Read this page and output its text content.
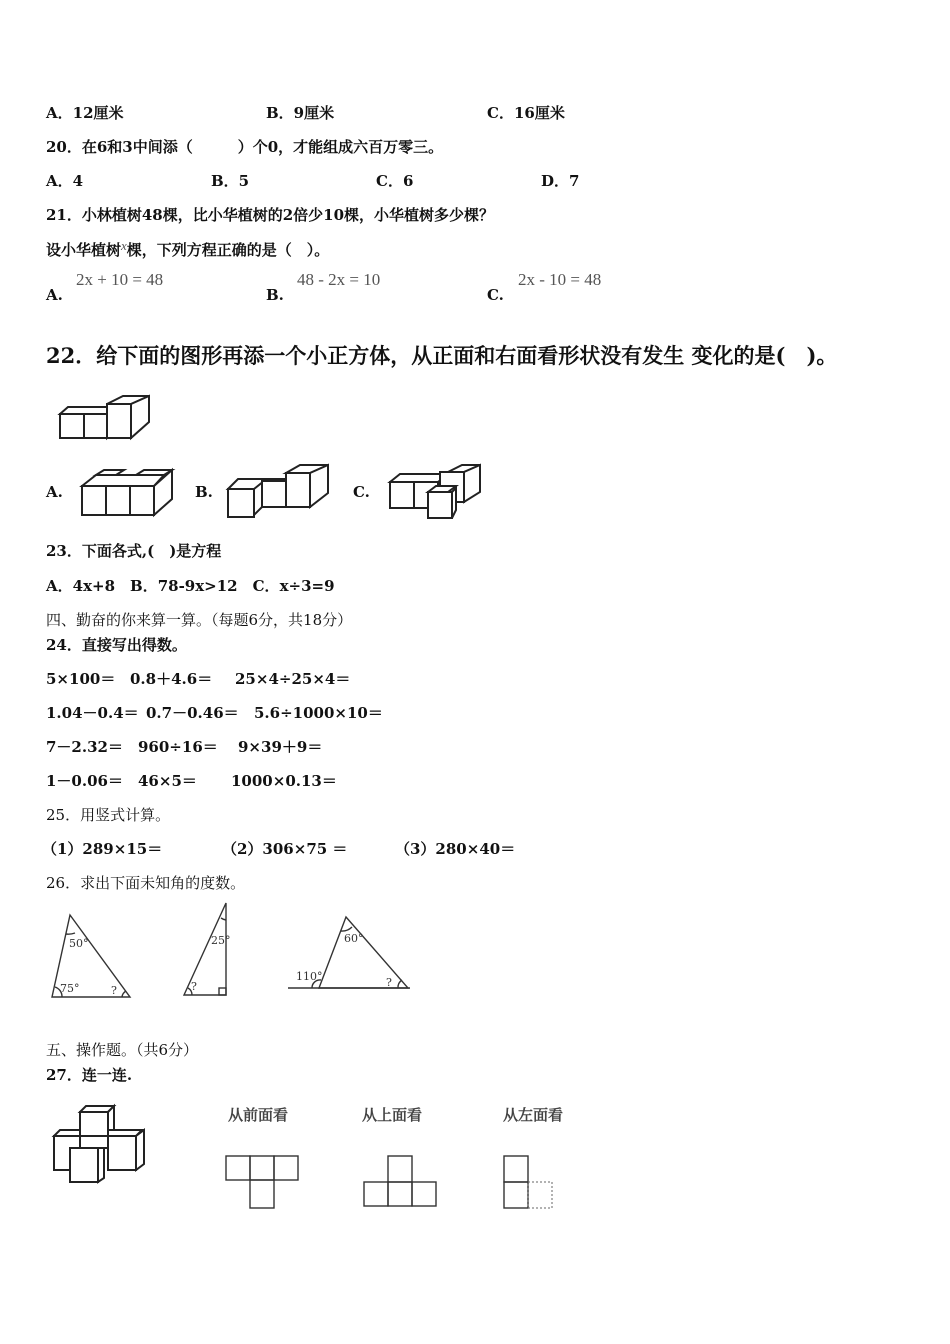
A．12厘米	B．9厘米	C．16厘米
20．在6和3中间添（　　　）个0，才能组成六百万零三。
A．4	B．5	C．6	D．7
21．小林植树48棵，比小华植树的2倍少10棵，小华植树多少棵？
设小华植树x棵，下列方程正确的是（　）。
A.
2x + 10 = 48
B.
48 - 2x = 10
C.
2x - 10 = 48
22．给下面的图形再添一个小正方体，从正面和右面看形状没有发生 变化的是(　)。
A.	B.	C.
23．下面各式,(　)是方程
A．4x+8　B．78-9x>12　C．x÷3=9
四、勤奋的你来算一算。（每题6分，共18分）
24．直接写出得数。
5×100＝ 0.8＋4.6＝ 25×4÷25×4＝
1.04－0.4＝ 0.7－0.46＝ 5.6÷1000×10＝
7－2.32＝ 960÷16＝ 9×39＋9＝
1－0.06＝ 46×5＝ 1000×0.13＝
25．用竖式计算。
（1）289×15＝	（2）306×75 ＝	（3）280×40＝
26．求出下面未知角的度数。
50°
75°	?
25°
?
60°
110°	?
五、操作题。（共6分）
27．连一连.
从前面看	从上面看	从左面看
